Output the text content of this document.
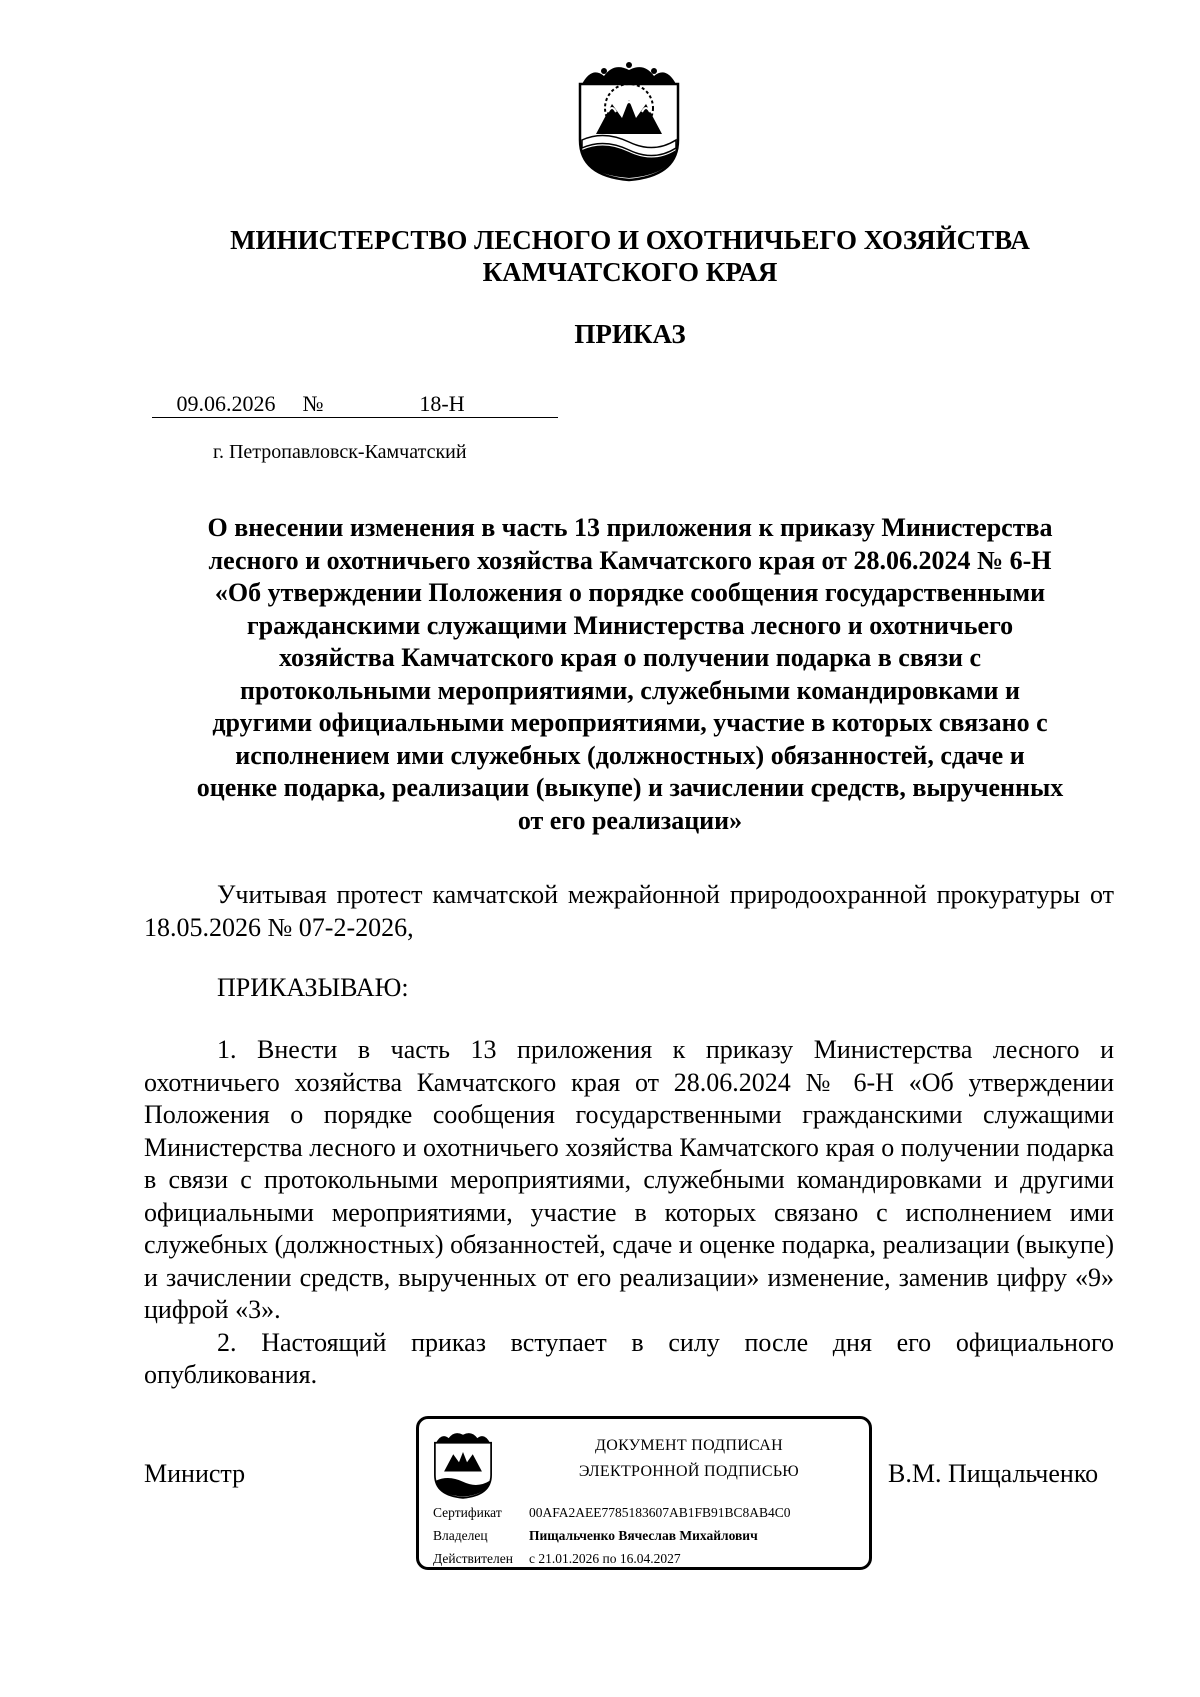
МИНИСТЕРСТВО ЛЕСНОГО И ОХОТНИЧЬЕГО ХОЗЯЙСТВА
КАМЧАТСКОГО КРАЯ
ПРИКАЗ
09.06.2026 №	18-Н
г. Петропавловск-Камчатский
О внесении изменения в часть 13 приложения к приказу Министерства
лесного и охотничьего хозяйства Камчатского края от 28.06.2024 № 6-Н
«Об утверждении Положения о порядке сообщения государственными
гражданскими служащими Министерства лесного и охотничьего
хозяйства Камчатского края о получении подарка в связи с
протокольными мероприятиями, служебными командировками и
другими официальными мероприятиями, участие в которых связано с
исполнением ими служебных (должностных) обязанностей, сдаче и
оценке подарка, реализации (выкупе) и зачислении средств, вырученных
от его реализации»

Учитывая протест камчатской межрайонной природоохранной прокуратуры от 18.05.2026 № 07-2-2026,

ПРИКАЗЫВАЮ:

1. Внести в часть 13 приложения к приказу Министерства лесного и охотничьего хозяйства Камчатского края от 28.06.2024 № 6-Н «Об утверждении Положения о порядке сообщения государственными гражданскими служащими Министерства лесного и охотничьего хозяйства Камчатского края о получении подарка в связи с протокольными мероприятиями, служебными командировками и другими официальными мероприятиями, участие в которых связано с исполнением ими служебных (должностных) обязанностей, сдаче и оценке подарка, реализации (выкупе) и зачислении средств, вырученных от его реализации» изменение, заменив цифру «9» цифрой «3».

2. Настоящий приказ вступает в силу после дня его официального опубликования.

Министр	В.М. Пищальченко
ДОКУМЕНТ ПОДПИСАН
ЭЛЕКТРОННОЙ ПОДПИСЬЮ
Сертификат 00AFA2AEE7785183607AB1FB91BC8AB4C0
Владелец	Пищальченко Вячеслав Михайлович
Действителен с 21.01.2026 по 16.04.2027
